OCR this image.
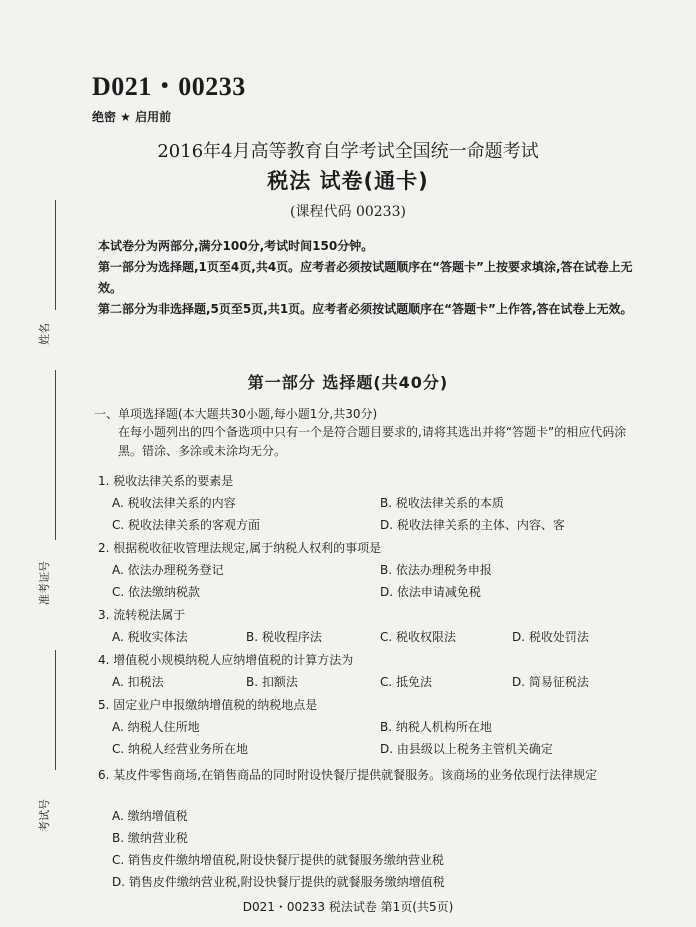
姓名
准考证号
考试号
D021・00233
绝密 ★ 启用前
2016年4月高等教育自学考试全国统一命题考试
税法 试卷(通卡)
(课程代码 00233)

本试卷分为两部分,满分100分,考试时间150分钟。

第一部分为选择题,1页至4页,共4页。应考者必须按试题顺序在“答题卡”上按要求填涂,答在试卷上无效。

第二部分为非选择题,5页至5页,共1页。应考者必须按试题顺序在“答题卡”上作答,答在试卷上无效。

第一部分 选择题(共40分)
一、单项选择题(本大题共30小题,每小题1分,共30分)
在每小题列出的四个备选项中只有一个是符合题目要求的,请将其选出并将“答题卡”的相应代码涂黑。错涂、多涂或未涂均无分。
1. 税收法律关系的要素是
A. 税收法律关系的内容	B. 税收法律关系的本质
C. 税收法律关系的客观方面	D. 税收法律关系的主体、内容、客
2. 根据税收征收管理法规定,属于纳税人权利的事项是
A. 依法办理税务登记	B. 依法办理税务申报
C. 依法缴纳税款	D. 依法申请减免税
3. 流转税法属于
A. 税收实体法	B. 税收程序法	C. 税收权限法	D. 税收处罚法
4. 增值税小规模纳税人应纳增值税的计算方法为
A. 扣税法	B. 扣额法	C. 抵免法	D. 简易征税法
5. 固定业户申报缴纳增值税的纳税地点是
A. 纳税人住所地	B. 纳税人机构所在地
C. 纳税人经营业务所在地	D. 由县级以上税务主管机关确定
6. 某皮件零售商场,在销售商品的同时附设快餐厅提供就餐服务。该商场的业务依现行法律规定
A. 缴纳增值税
B. 缴纳营业税
C. 销售皮件缴纳增值税,附设快餐厅提供的就餐服务缴纳营业税
D. 销售皮件缴纳营业税,附设快餐厅提供的就餐服务缴纳增值税
D021・00233 税法试卷 第1页(共5页)
